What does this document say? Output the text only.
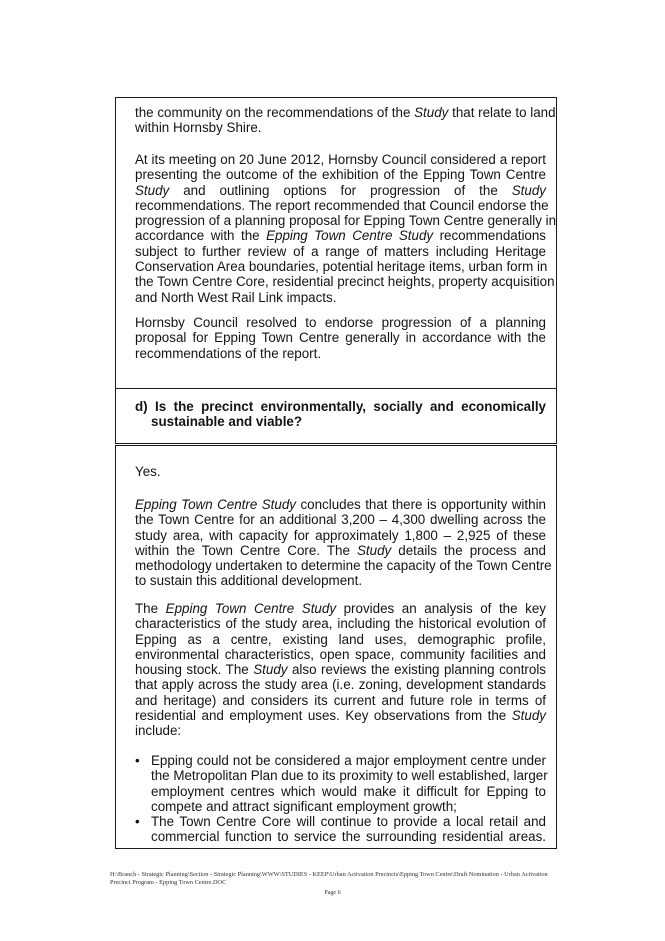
the community on the recommendations of the Study that relate to land
within Hornsby Shire.
At its meeting on 20 June 2012, Hornsby Council considered a report
presenting the outcome of the exhibition of the Epping Town Centre
Study and outlining options for progression of the Study
recommendations. The report recommended that Council endorse the
progression of a planning proposal for Epping Town Centre generally in
accordance with the Epping Town Centre Study recommendations
subject to further review of a range of matters including Heritage
Conservation Area boundaries, potential heritage items, urban form in
the Town Centre Core, residential precinct heights, property acquisition
and North West Rail Link impacts.
Hornsby Council resolved to endorse progression of a planning
proposal for Epping Town Centre generally in accordance with the
recommendations of the report.
d) Is the precinct environmentally, socially and economically
sustainable and viable?
Yes.
Epping Town Centre Study concludes that there is opportunity within
the Town Centre for an additional 3,200 – 4,300 dwelling across the
study area, with capacity for approximately 1,800 – 2,925 of these
within the Town Centre Core. The Study details the process and
methodology undertaken to determine the capacity of the Town Centre
to sustain this additional development.
The Epping Town Centre Study provides an analysis of the key
characteristics of the study area, including the historical evolution of
Epping as a centre, existing land uses, demographic profile,
environmental characteristics, open space, community facilities and
housing stock. The Study also reviews the existing planning controls
that apply across the study area (i.e. zoning, development standards
and heritage) and considers its current and future role in terms of
residential and employment uses. Key observations from the Study
include:
• Epping could not be considered a major employment centre under
the Metropolitan Plan due to its proximity to well established, larger
employment centres which would make it difficult for Epping to
compete and attract significant employment growth;
• The Town Centre Core will continue to provide a local retail and
commercial function to service the surrounding residential areas.
H:\Branch - Strategic Planning\Section - Strategic Planning\WWW\STUDIES - KEEP\Urban Activation Precincts\Epping Town Centre\Draft Nomination - Urban Activation
Precinct Program - Epping Town Centre.DOC
Page 6
